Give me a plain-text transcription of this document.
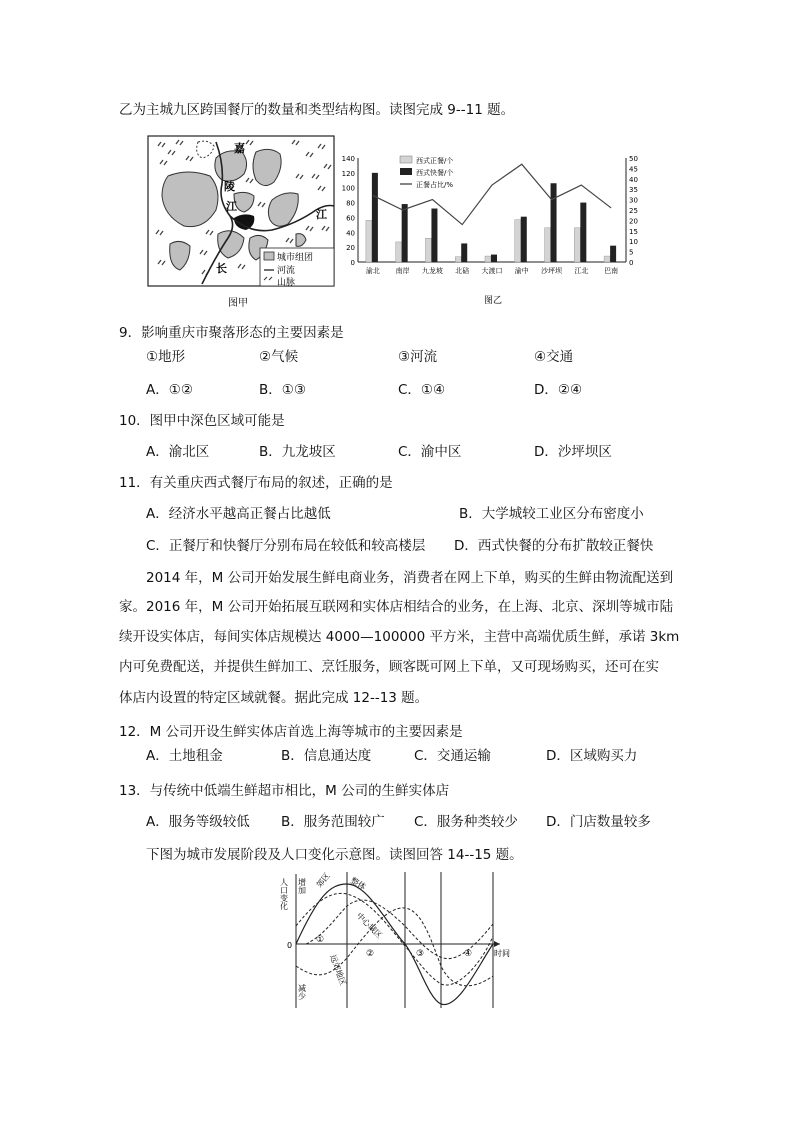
乙为主城九区跨国餐厅的数量和类型结构图。读图完成 9--11 题。
城市组团
河流
山脉
嘉
陵
江
江
长
图甲
0
20
40
60
80
100
120
140
0
5
10
15
20
25
30
35
40
45
50
渝北 南岸 九龙坡 北碚 大渡口 渝中 沙坪坝 江北 巴南
西式正餐/个
西式快餐/个
正餐占比/%
图乙
9．影响重庆市聚落形态的主要因素是
①地形	②气候	③河流	④交通
A．①②	B．①③	C．①④	D．②④
10．图甲中深色区域可能是
A．渝北区	B．九龙坡区	C．渝中区	D．沙坪坝区
11．有关重庆西式餐厅布局的叙述，正确的是
A．经济水平越高正餐占比越低	B．大学城较工业区分布密度小
C．正餐厅和快餐厅分别布局在较低和较高楼层 D．西式快餐的分布扩散较正餐快
2014 年，M 公司开始发展生鲜电商业务，消费者在网上下单，购买的生鲜由物流配送到
家。2016 年，M 公司开始拓展互联网和实体店相结合的业务，在上海、北京、深圳等城市陆
续开设实体店，每间实体店规模达 4000—100000 平方米，主营中高端优质生鲜，承诺 3km
内可免费配送，并提供生鲜加工、烹饪服务，顾客既可网上下单，又可现场购买，还可在实
体店内设置的特定区域就餐。据此完成 12--13 题。
12．M 公司开设生鲜实体店首选上海等城市的主要因素是
A．土地租金	B．信息通达度	C．交通运输	D．区域购买力
13．与传统中低端生鲜超市相比，M 公司的生鲜实体店
A．服务等级较低 B．服务范围较广 C．服务种类较少 D．门店数量较多
下图为城市发展阶段及人口变化示意图。读图回答 14--15 题。
人口变化 增加
减少
0
时间
郊区 整体
中心城区
远郊地区
①
②	③	④
